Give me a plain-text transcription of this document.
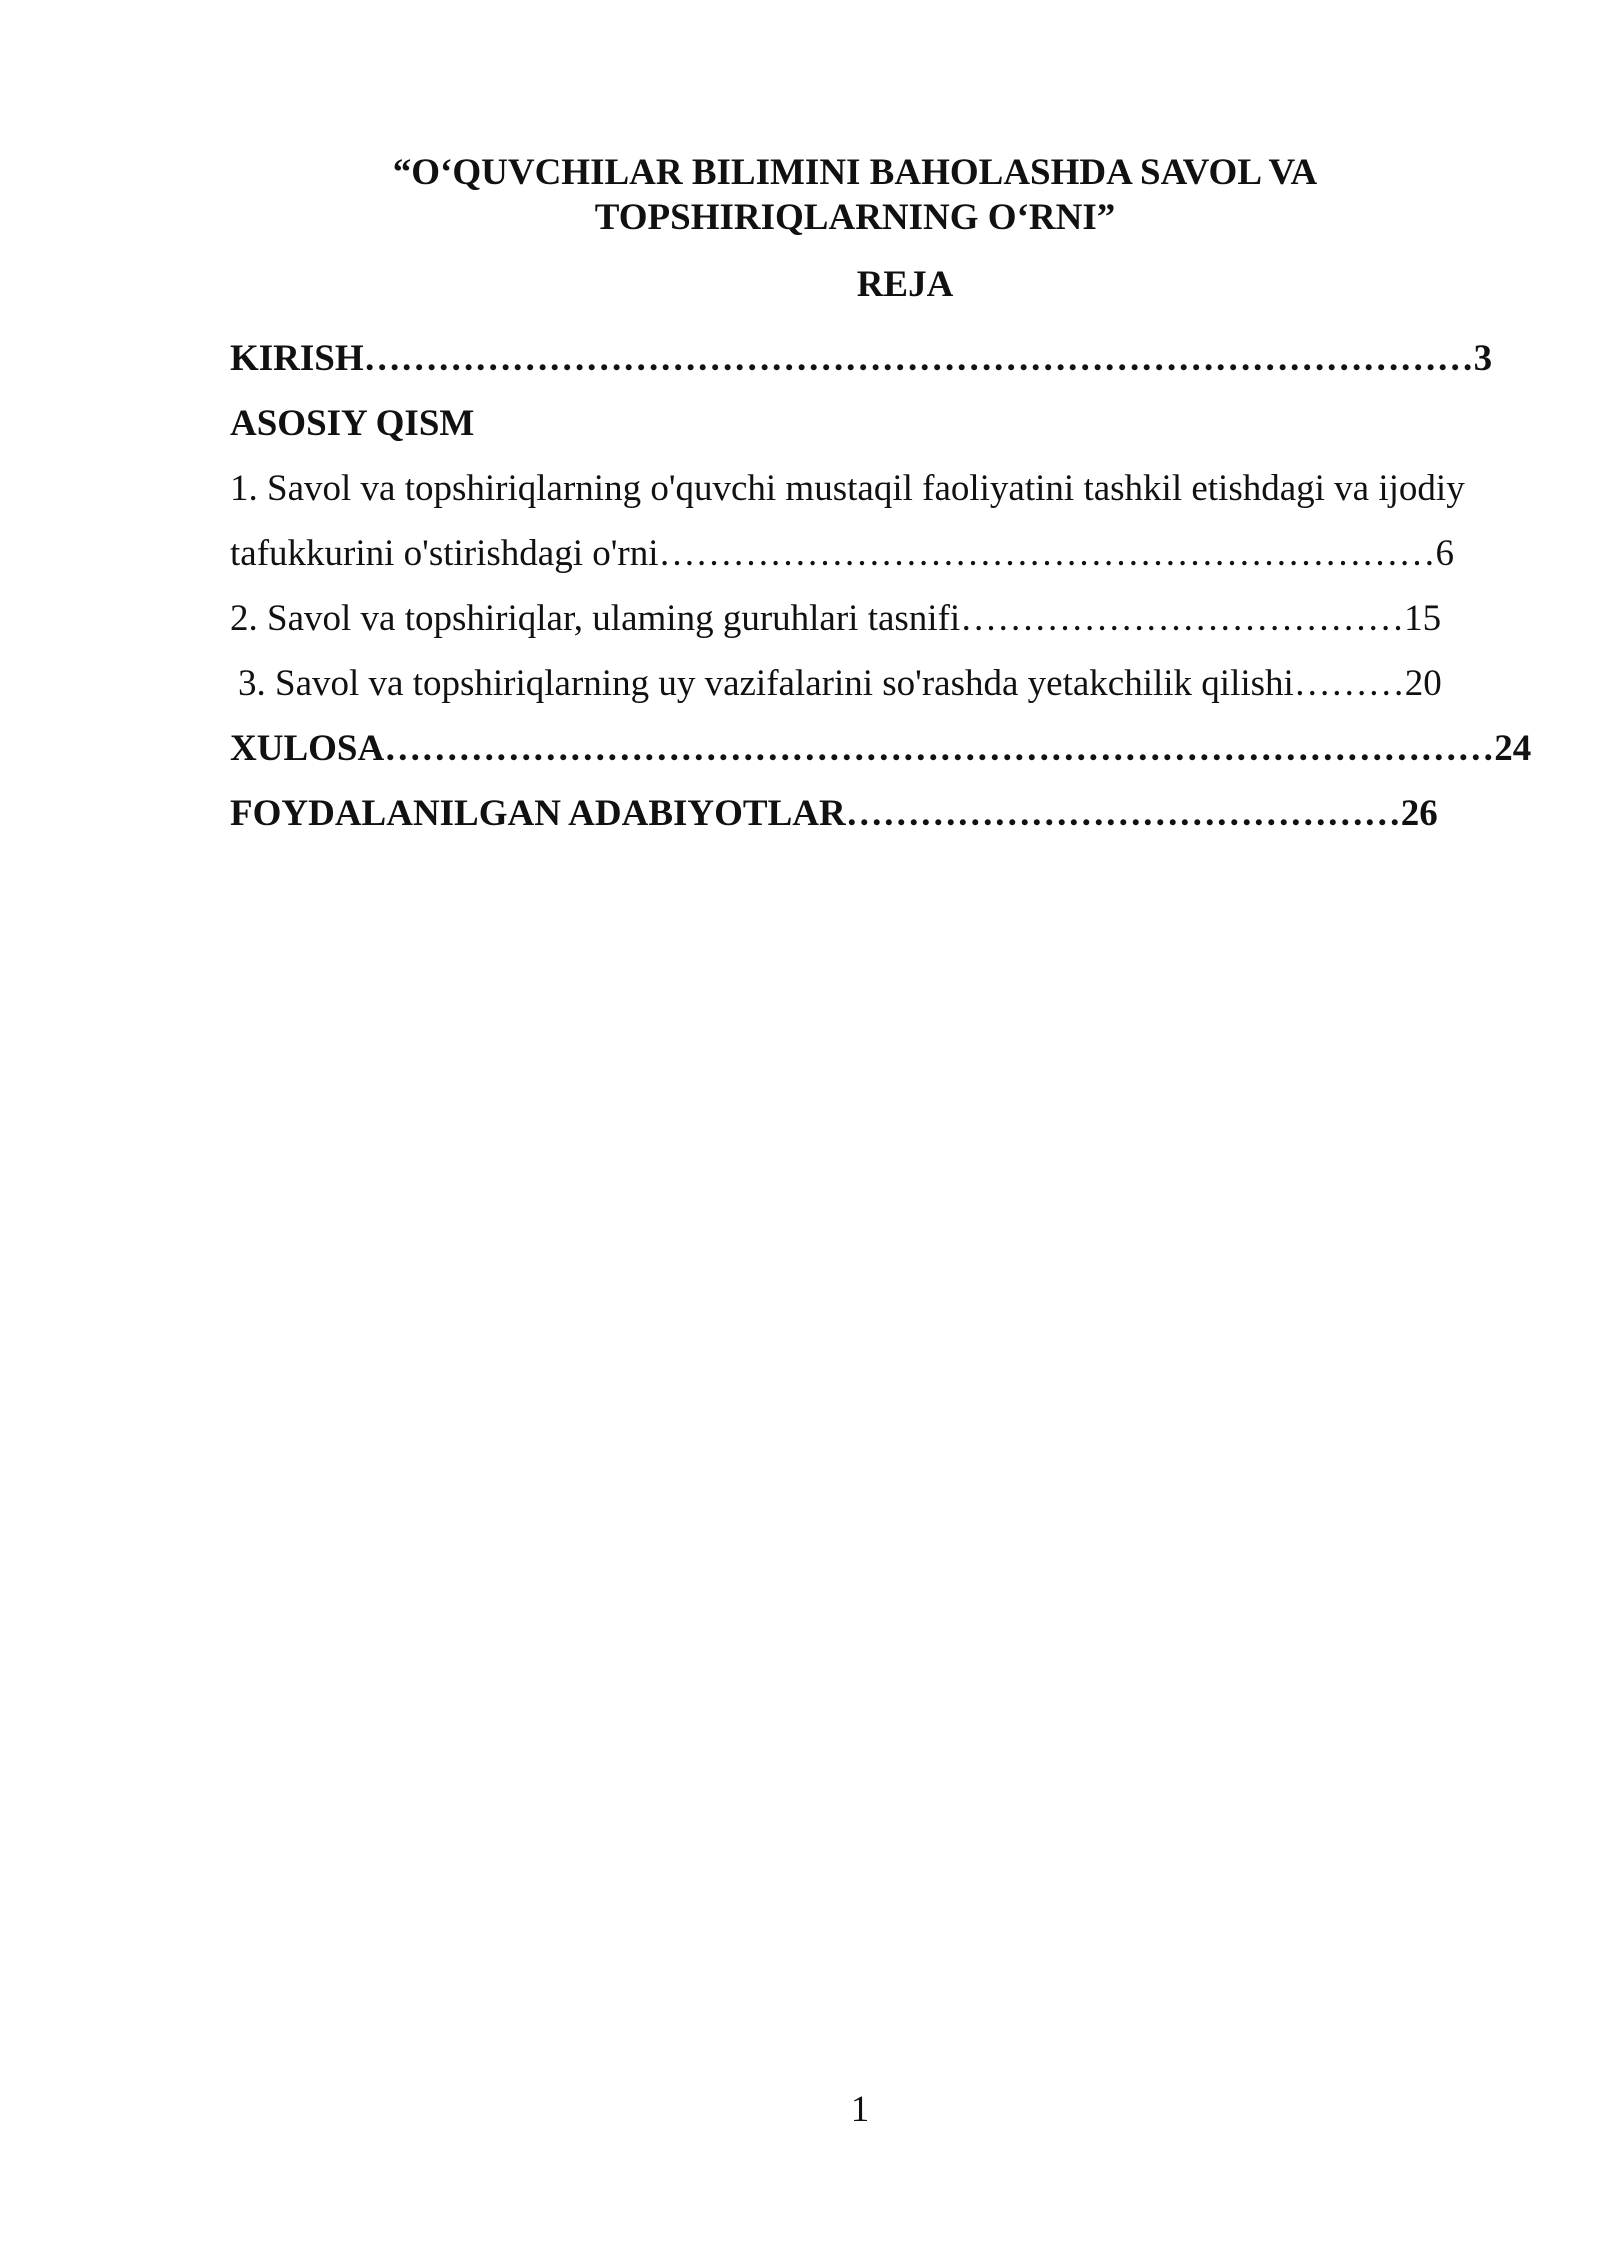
“O‘QUVCHILAR BILIMINI BAHOLASHDA SAVOL VA
TOPSHIRIQLARNING O‘RNI”
REJA
KIRISH………………………………………………………………………………3
ASOSIY QISM
1. Savol va topshiriqlarning o'quvchi mustaqil faoliyatini tashkil etishdagi va ijodiy
tafukkurini o'stirishdagi o'rni………………………………………………………6
2. Savol va topshiriqlar, ulaming guruhlari tasnifi………………………………15
3. Savol va topshiriqlarning uy vazifalarini so'rashda yetakchilik qilishi………20
XULOSA………………………………………………………………………………24
FOYDALANILGAN ADABIYOTLAR………………………………………26
1
